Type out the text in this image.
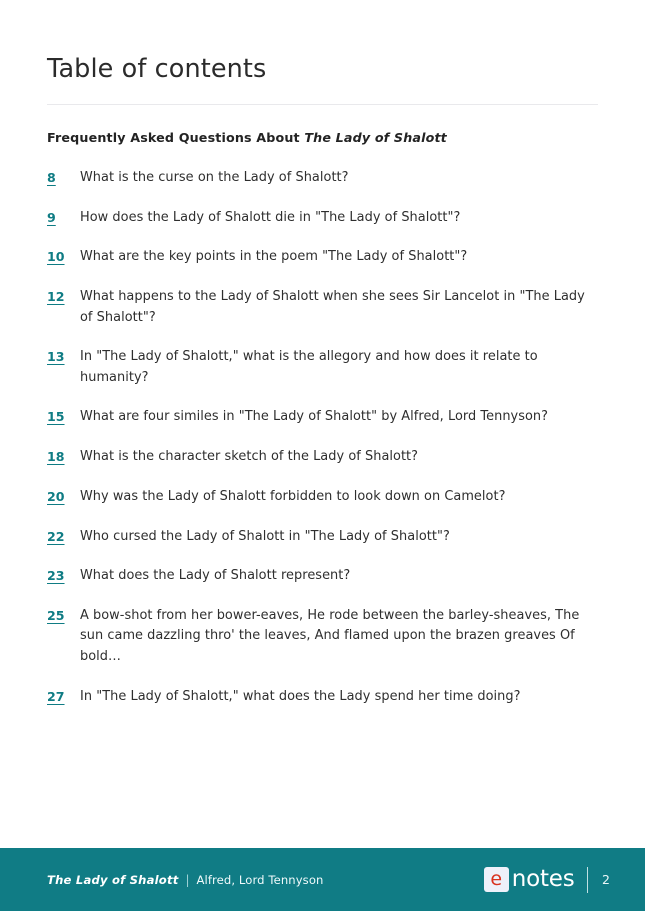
Table of contents
Frequently Asked Questions About The Lady of Shalott
8	What is the curse on the Lady of Shalott?
9	How does the Lady of Shalott die in "The Lady of Shalott"?
10	What are the key points in the poem "The Lady of Shalott"?
12	What happens to the Lady of Shalott when she sees Sir Lancelot in "The Lady of Shalott"?
13	In "The Lady of Shalott," what is the allegory and how does it relate to humanity?
15	What are four similes in "The Lady of Shalott" by Alfred, Lord Tennyson?
18	What is the character sketch of the Lady of Shalott?
20	Why was the Lady of Shalott forbidden to look down on Camelot?
22	Who cursed the Lady of Shalott in "The Lady of Shalott"?
23	What does the Lady of Shalott represent?
25	A bow-shot from her bower-eaves, He rode between the barley-sheaves, The sun came dazzling thro' the leaves, And flamed upon the brazen greaves Of bold…
27	In "The Lady of Shalott," what does the Lady spend her time doing?
The Lady of Shalott | Alfred, Lord Tennyson	e notes 2
